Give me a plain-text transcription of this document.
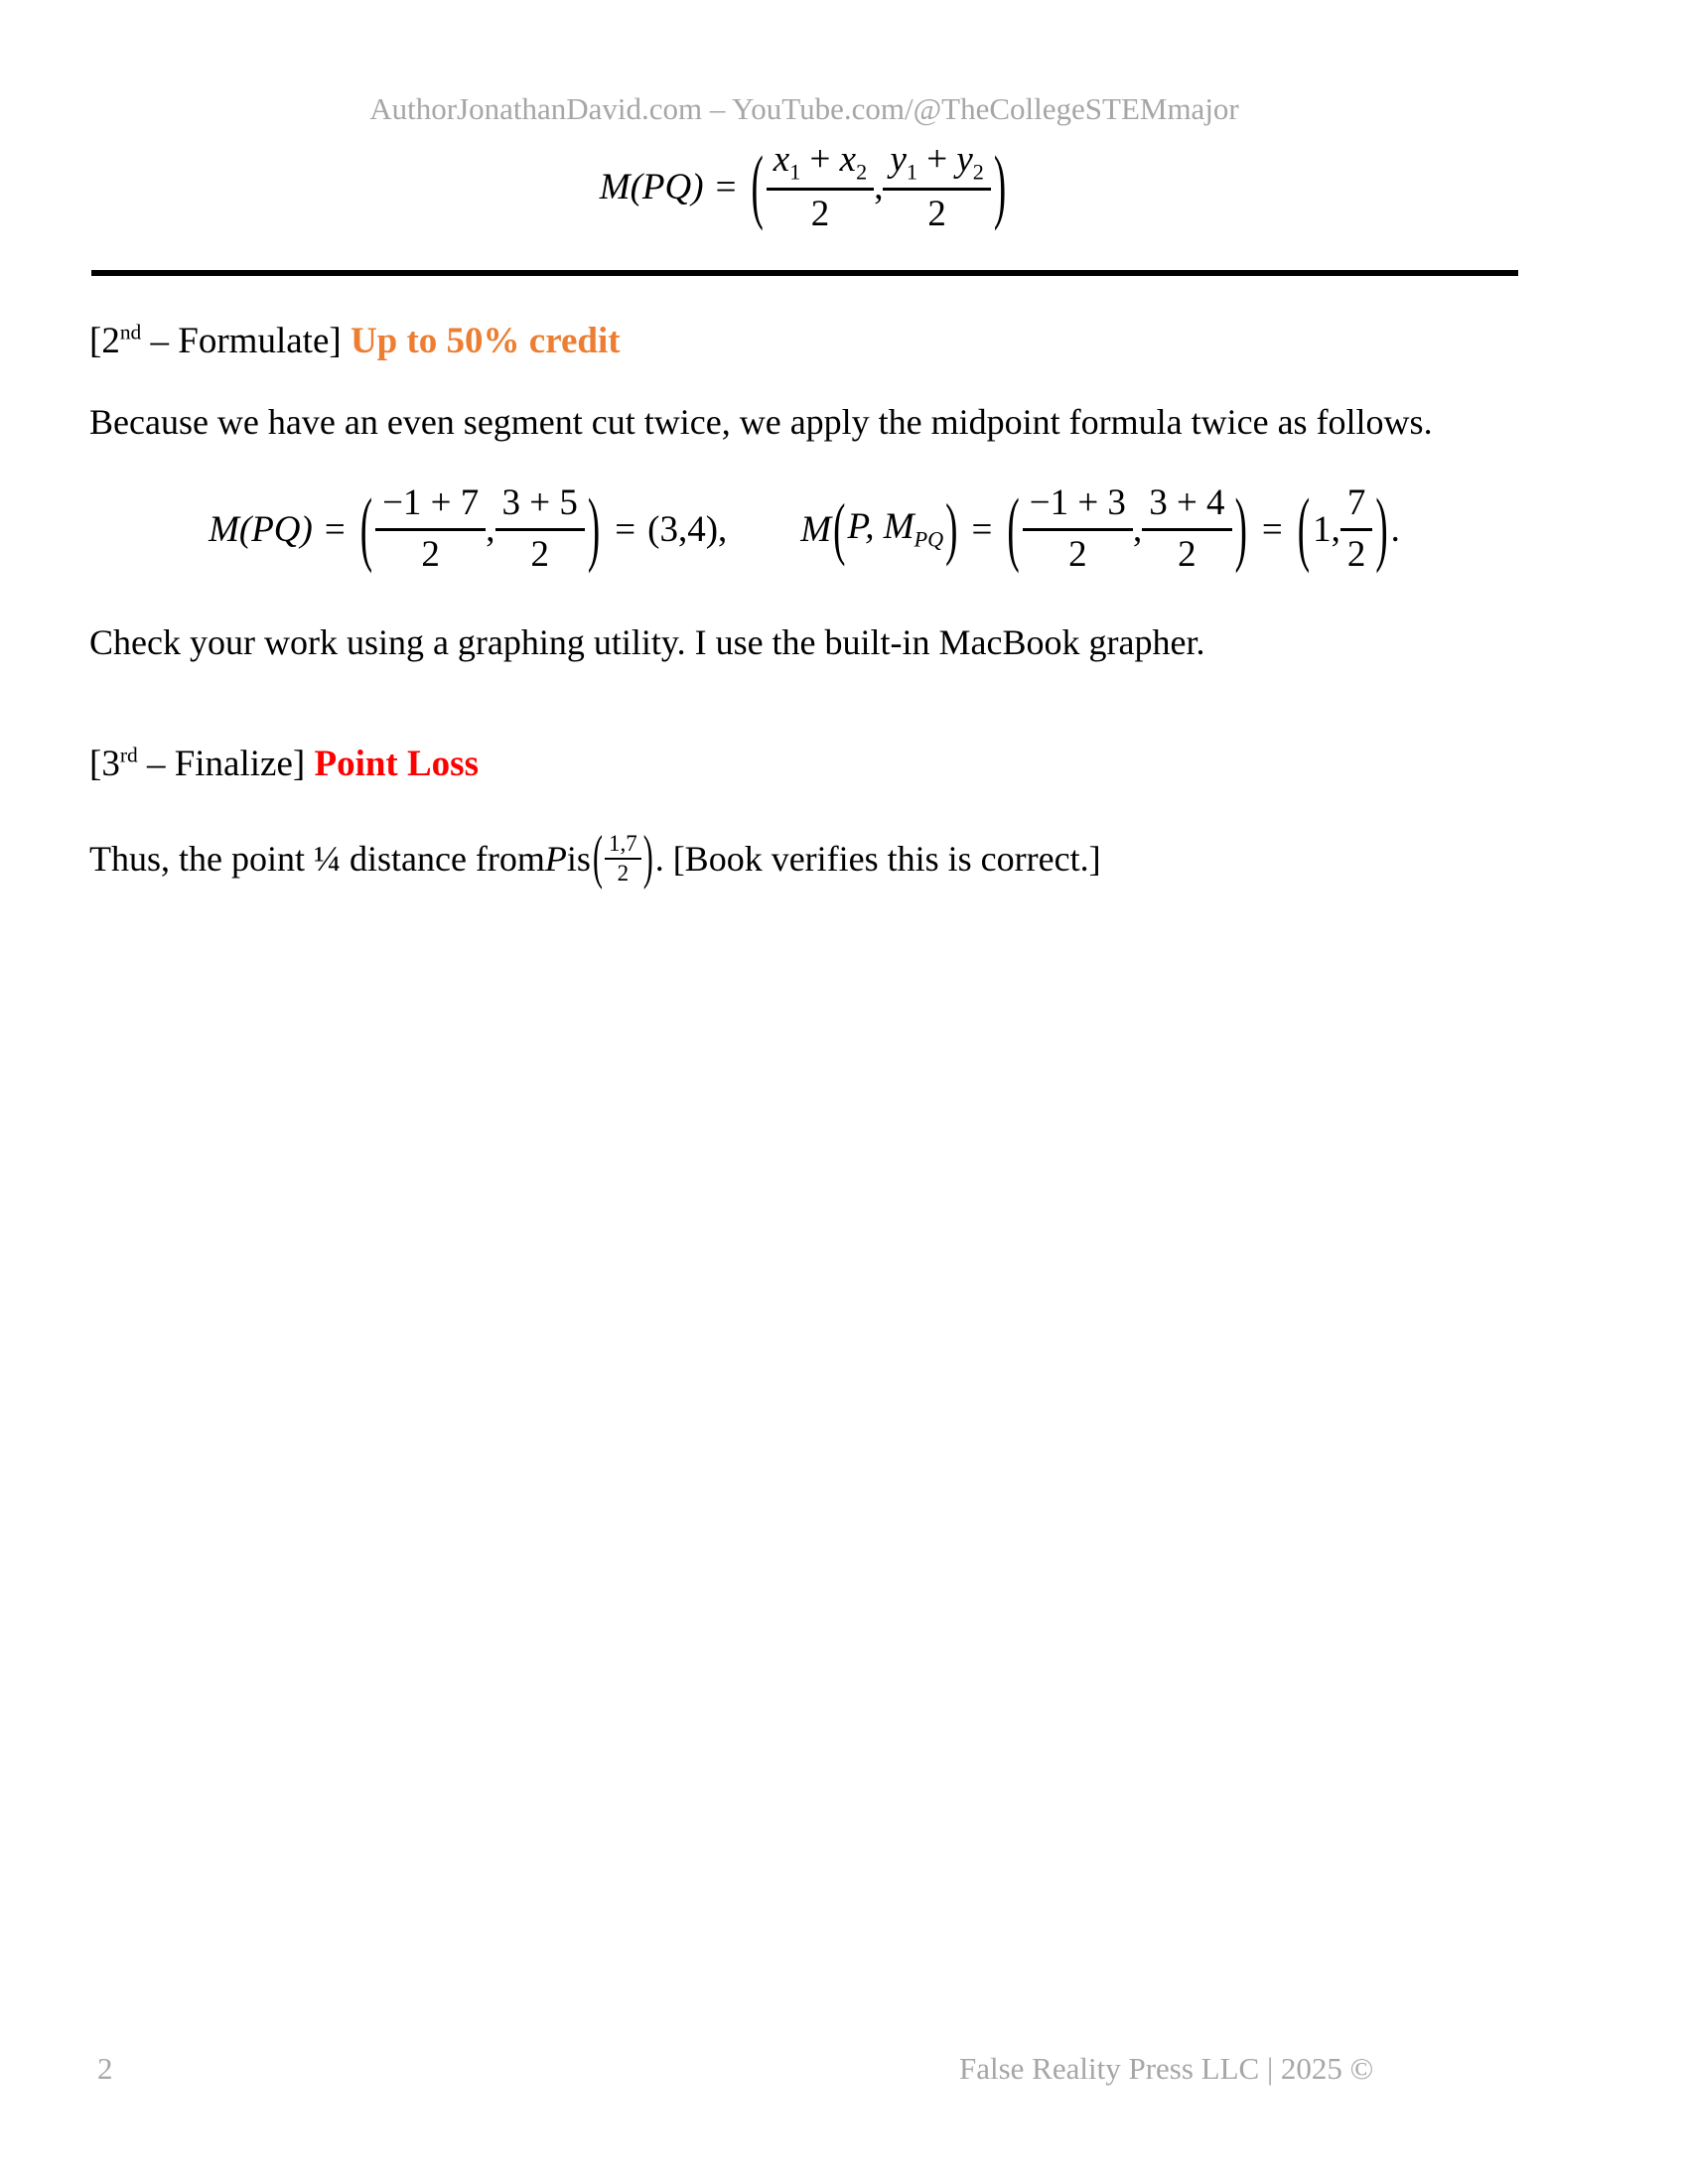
AuthorJonathanDavid.com – YouTube.com/@TheCollegeSTEMmajor
M(PQ) = ( $\frac{x_1 + x_2}{2}$ , $\frac{y_1 + y_2}{2}$ )
[2nd – Formulate] Up to 50% credit
Because we have an even segment cut twice, we apply the midpoint formula twice as follows.
M(PQ) = ( $\frac{-1 + 7}{2}$ , $\frac{3 + 5}{2}$ ) = (3,4), M ( P, $M_{PQ}$ ) = ( $\frac{-1 + 3}{2}$ , $\frac{3 + 4}{2}$ ) = ( 1, $\frac{7}{2}$ ) .
Check your work using a graphing utility. I use the built-in MacBook grapher.
[3rd – Finalize] Point Loss
Thus, the point ¼ distance from P is ( $\frac{1,7}{2}$ ) . [Book verifies this is correct.]
2	False Reality Press LLC | 2025 ©
